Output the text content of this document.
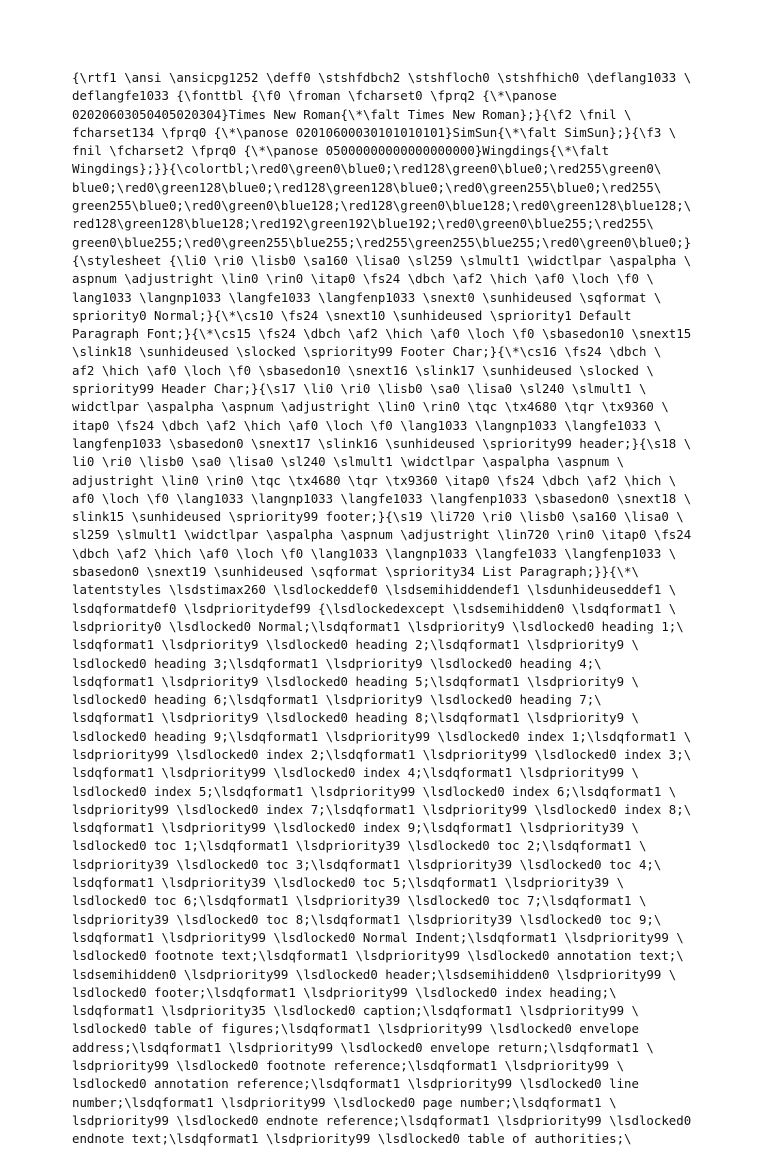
{\rtf1 \ansi \ansicpg1252 \deff0 \stshfdbch2 \stshfloch0 \stshfhich0 \deflang1033 \
deflangfe1033 {\fonttbl {\f0 \froman \fcharset0 \fprq2 {\*\panose
02020603050405020304}Times New Roman{\*\falt Times New Roman};}{\f2 \fnil \
fcharset134 \fprq0 {\*\panose 02010600030101010101}SimSun{\*\falt SimSun};}{\f3 \
fnil \fcharset2 \fprq0 {\*\panose 05000000000000000000}Wingdings{\*\falt
Wingdings};}}{\colortbl;\red0\green0\blue0;\red128\green0\blue0;\red255\green0\
blue0;\red0\green128\blue0;\red128\green128\blue0;\red0\green255\blue0;\red255\
green255\blue0;\red0\green0\blue128;\red128\green0\blue128;\red0\green128\blue128;\
red128\green128\blue128;\red192\green192\blue192;\red0\green0\blue255;\red255\
green0\blue255;\red0\green255\blue255;\red255\green255\blue255;\red0\green0\blue0;}
{\stylesheet {\li0 \ri0 \lisb0 \sa160 \lisa0 \sl259 \slmult1 \widctlpar \aspalpha \
aspnum \adjustright \lin0 \rin0 \itap0 \fs24 \dbch \af2 \hich \af0 \loch \f0 \
lang1033 \langnp1033 \langfe1033 \langfenp1033 \snext0 \sunhideused \sqformat \
spriority0 Normal;}{\*\cs10 \fs24 \snext10 \sunhideused \spriority1 Default
Paragraph Font;}{\*\cs15 \fs24 \dbch \af2 \hich \af0 \loch \f0 \sbasedon10 \snext15
\slink18 \sunhideused \slocked \spriority99 Footer Char;}{\*\cs16 \fs24 \dbch \
af2 \hich \af0 \loch \f0 \sbasedon10 \snext16 \slink17 \sunhideused \slocked \
spriority99 Header Char;}{\s17 \li0 \ri0 \lisb0 \sa0 \lisa0 \sl240 \slmult1 \
widctlpar \aspalpha \aspnum \adjustright \lin0 \rin0 \tqc \tx4680 \tqr \tx9360 \
itap0 \fs24 \dbch \af2 \hich \af0 \loch \f0 \lang1033 \langnp1033 \langfe1033 \
langfenp1033 \sbasedon0 \snext17 \slink16 \sunhideused \spriority99 header;}{\s18 \
li0 \ri0 \lisb0 \sa0 \lisa0 \sl240 \slmult1 \widctlpar \aspalpha \aspnum \
adjustright \lin0 \rin0 \tqc \tx4680 \tqr \tx9360 \itap0 \fs24 \dbch \af2 \hich \
af0 \loch \f0 \lang1033 \langnp1033 \langfe1033 \langfenp1033 \sbasedon0 \snext18 \
slink15 \sunhideused \spriority99 footer;}{\s19 \li720 \ri0 \lisb0 \sa160 \lisa0 \
sl259 \slmult1 \widctlpar \aspalpha \aspnum \adjustright \lin720 \rin0 \itap0 \fs24
\dbch \af2 \hich \af0 \loch \f0 \lang1033 \langnp1033 \langfe1033 \langfenp1033 \
sbasedon0 \snext19 \sunhideused \sqformat \spriority34 List Paragraph;}}{\*\
latentstyles \lsdstimax260 \lsdlockeddef0 \lsdsemihiddendef1 \lsdunhideuseddef1 \
lsdqformatdef0 \lsdprioritydef99 {\lsdlockedexcept \lsdsemihidden0 \lsdqformat1 \
lsdpriority0 \lsdlocked0 Normal;\lsdqformat1 \lsdpriority9 \lsdlocked0 heading 1;\
lsdqformat1 \lsdpriority9 \lsdlocked0 heading 2;\lsdqformat1 \lsdpriority9 \
lsdlocked0 heading 3;\lsdqformat1 \lsdpriority9 \lsdlocked0 heading 4;\
lsdqformat1 \lsdpriority9 \lsdlocked0 heading 5;\lsdqformat1 \lsdpriority9 \
lsdlocked0 heading 6;\lsdqformat1 \lsdpriority9 \lsdlocked0 heading 7;\
lsdqformat1 \lsdpriority9 \lsdlocked0 heading 8;\lsdqformat1 \lsdpriority9 \
lsdlocked0 heading 9;\lsdqformat1 \lsdpriority99 \lsdlocked0 index 1;\lsdqformat1 \
lsdpriority99 \lsdlocked0 index 2;\lsdqformat1 \lsdpriority99 \lsdlocked0 index 3;\
lsdqformat1 \lsdpriority99 \lsdlocked0 index 4;\lsdqformat1 \lsdpriority99 \
lsdlocked0 index 5;\lsdqformat1 \lsdpriority99 \lsdlocked0 index 6;\lsdqformat1 \
lsdpriority99 \lsdlocked0 index 7;\lsdqformat1 \lsdpriority99 \lsdlocked0 index 8;\
lsdqformat1 \lsdpriority99 \lsdlocked0 index 9;\lsdqformat1 \lsdpriority39 \
lsdlocked0 toc 1;\lsdqformat1 \lsdpriority39 \lsdlocked0 toc 2;\lsdqformat1 \
lsdpriority39 \lsdlocked0 toc 3;\lsdqformat1 \lsdpriority39 \lsdlocked0 toc 4;\
lsdqformat1 \lsdpriority39 \lsdlocked0 toc 5;\lsdqformat1 \lsdpriority39 \
lsdlocked0 toc 6;\lsdqformat1 \lsdpriority39 \lsdlocked0 toc 7;\lsdqformat1 \
lsdpriority39 \lsdlocked0 toc 8;\lsdqformat1 \lsdpriority39 \lsdlocked0 toc 9;\
lsdqformat1 \lsdpriority99 \lsdlocked0 Normal Indent;\lsdqformat1 \lsdpriority99 \
lsdlocked0 footnote text;\lsdqformat1 \lsdpriority99 \lsdlocked0 annotation text;\
lsdsemihidden0 \lsdpriority99 \lsdlocked0 header;\lsdsemihidden0 \lsdpriority99 \
lsdlocked0 footer;\lsdqformat1 \lsdpriority99 \lsdlocked0 index heading;\
lsdqformat1 \lsdpriority35 \lsdlocked0 caption;\lsdqformat1 \lsdpriority99 \
lsdlocked0 table of figures;\lsdqformat1 \lsdpriority99 \lsdlocked0 envelope
address;\lsdqformat1 \lsdpriority99 \lsdlocked0 envelope return;\lsdqformat1 \
lsdpriority99 \lsdlocked0 footnote reference;\lsdqformat1 \lsdpriority99 \
lsdlocked0 annotation reference;\lsdqformat1 \lsdpriority99 \lsdlocked0 line
number;\lsdqformat1 \lsdpriority99 \lsdlocked0 page number;\lsdqformat1 \
lsdpriority99 \lsdlocked0 endnote reference;\lsdqformat1 \lsdpriority99 \lsdlocked0
endnote text;\lsdqformat1 \lsdpriority99 \lsdlocked0 table of authorities;\
